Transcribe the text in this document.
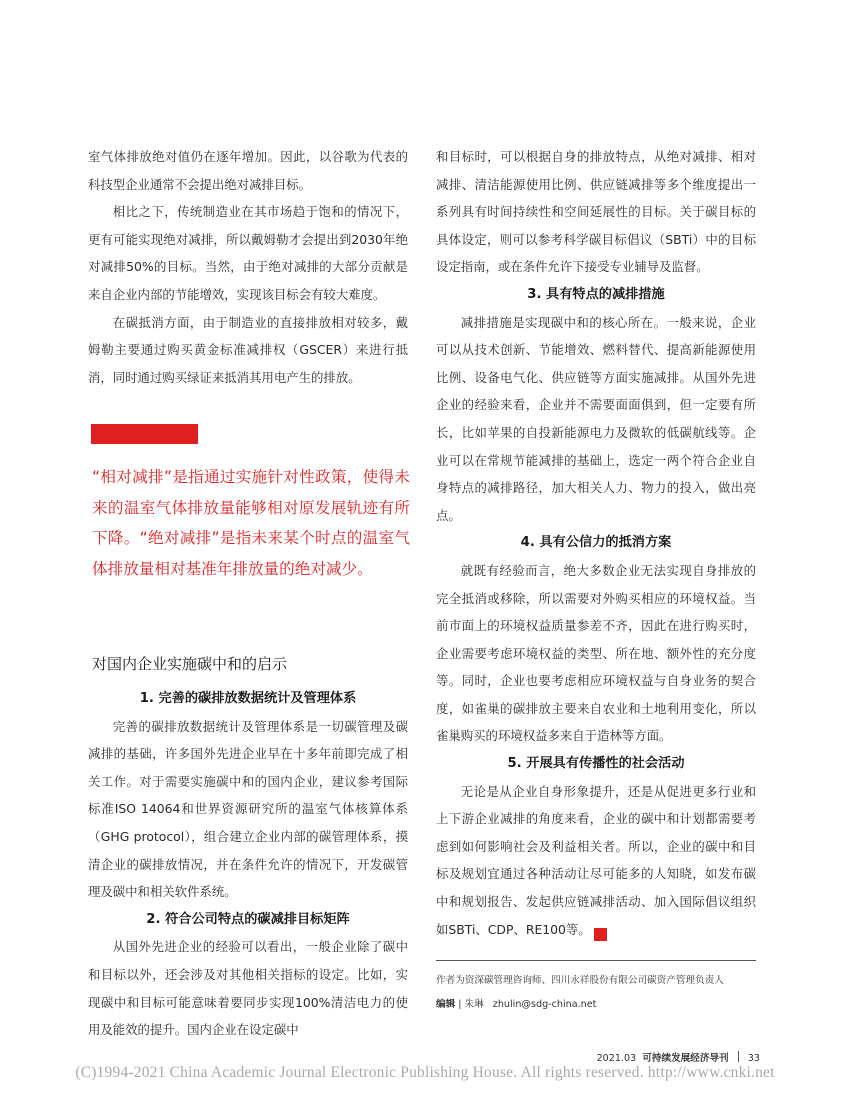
室气体排放绝对值仍在逐年增加。因此，以谷歌为代表的科技型企业通常不会提出绝对减排目标。

相比之下，传统制造业在其市场趋于饱和的情况下，更有可能实现绝对减排，所以戴姆勒才会提出到2030年绝对减排50%的目标。当然，由于绝对减排的大部分贡献是来自企业内部的节能增效，实现该目标会有较大难度。

在碳抵消方面，由于制造业的直接排放相对较多，戴姆勒主要通过购买黄金标准减排权（GSCER）来进行抵消，同时通过购买绿证来抵消其用电产生的排放。

“相对减排”是指通过实施针对性政策，使得未来的温室气体排放量能够相对原发展轨迹有所下降。“绝对减排”是指未来某个时点的温室气体排放量相对基准年排放量的绝对减少。
对国内企业实施碳中和的启示
1. 完善的碳排放数据统计及管理体系

完善的碳排放数据统计及管理体系是一切碳管理及碳减排的基础，许多国外先进企业早在十多年前即完成了相关工作。对于需要实施碳中和的国内企业，建议参考国际标准ISO 14064和世界资源研究所的温室气体核算体系（GHG protocol），组合建立企业内部的碳管理体系，摸清企业的碳排放情况，并在条件允许的情况下，开发碳管理及碳中和相关软件系统。

2. 符合公司特点的碳减排目标矩阵

从国外先进企业的经验可以看出，一般企业除了碳中和目标以外，还会涉及对其他相关指标的设定。比如，实现碳中和目标可能意味着要同步实现100%清洁电力的使用及能效的提升。国内企业在设定碳中

和目标时，可以根据自身的排放特点，从绝对减排、相对减排、清洁能源使用比例、供应链减排等多个维度提出一系列具有时间持续性和空间延展性的目标。关于碳目标的具体设定，则可以参考科学碳目标倡议（SBTi）中的目标设定指南，或在条件允许下接受专业辅导及监督。

3. 具有特点的减排措施

减排措施是实现碳中和的核心所在。一般来说，企业可以从技术创新、节能增效、燃料替代、提高新能源使用比例、设备电气化、供应链等方面实施减排。从国外先进企业的经验来看，企业并不需要面面俱到，但一定要有所长，比如苹果的自投新能源电力及微软的低碳航线等。企业可以在常规节能减排的基础上，选定一两个符合企业自身特点的减排路径，加大相关人力、物力的投入，做出亮点。

4. 具有公信力的抵消方案

就既有经验而言，绝大多数企业无法实现自身排放的完全抵消或移除，所以需要对外购买相应的环境权益。当前市面上的环境权益质量参差不齐，因此在进行购买时，企业需要考虑环境权益的类型、所在地、额外性的充分度等。同时，企业也要考虑相应环境权益与自身业务的契合度，如雀巢的碳排放主要来自农业和土地利用变化，所以雀巢购买的环境权益多来自于造林等方面。

5. 开展具有传播性的社会活动

无论是从企业自身形象提升，还是从促进更多行业和上下游企业减排的角度来看，企业的碳中和计划都需要考虑到如何影响社会及利益相关者。所以，企业的碳中和目标及规划宜通过各种活动让尽可能多的人知晓，如发布碳中和规划报告、发起供应链减排活动、加入国际倡议组织如SBTi、CDP、RE100等。	✔

作者为资深碳管理咨询师、四川永祥股份有限公司碳资产管理负责人
编辑 | 朱琳 zhulin@sdg-china.net
2021.03 可持续发展经济导刊 33
(C)1994-2021 China Academic Journal Electronic Publishing House. All rights reserved. http://www.cnki.net
